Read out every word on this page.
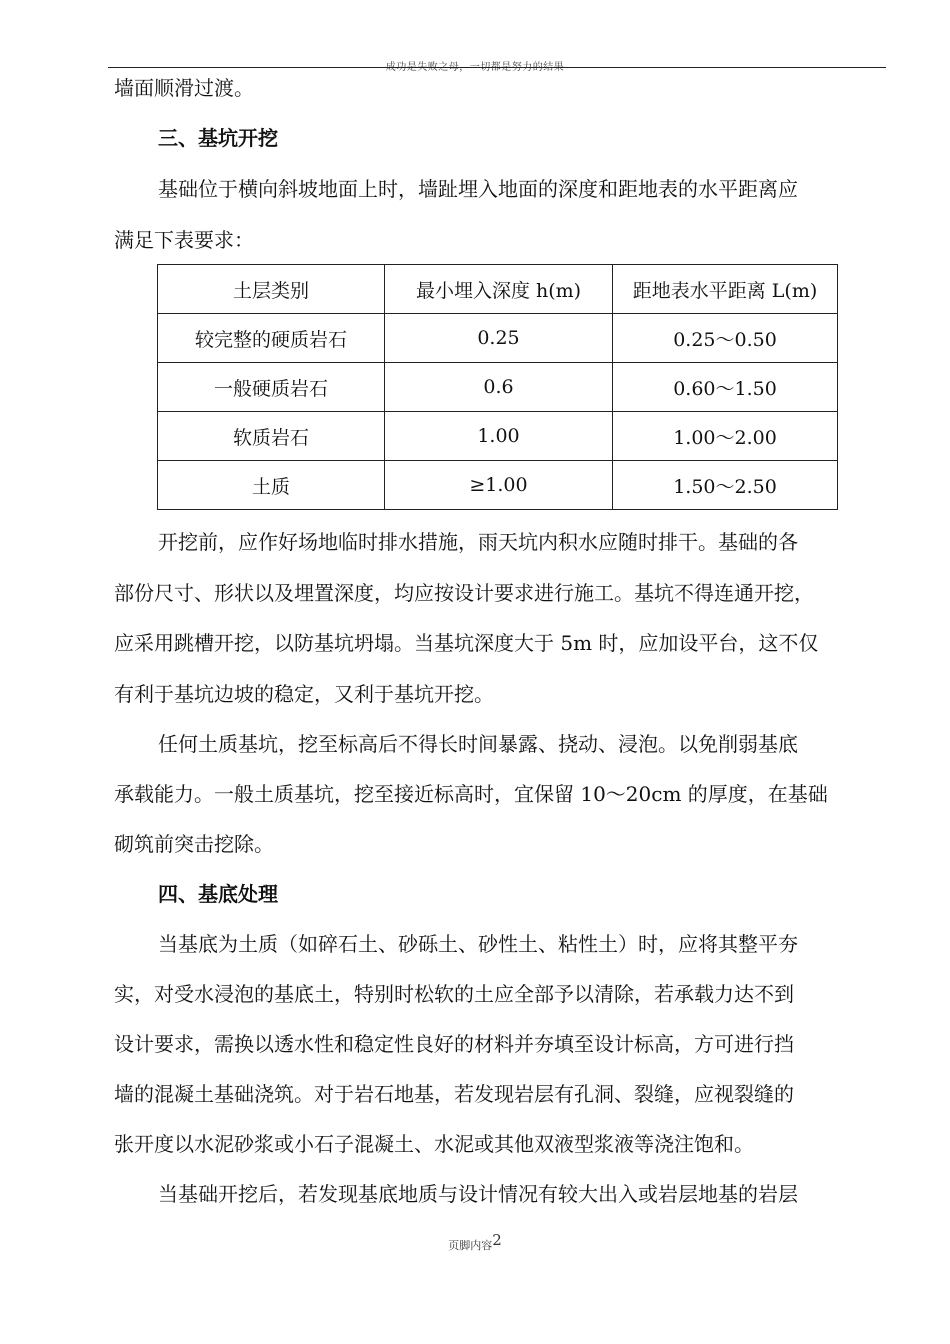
成功是失败之母，一切都是努力的结果
墙面顺滑过渡。
三、基坑开挖
基础位于横向斜坡地面上时，墙趾埋入地面的深度和距地表的水平距离应
满足下表要求：
土层类别	最小埋入深度 h(m)	距地表水平距离 L(m)
较完整的硬质岩石	0.25	0.25～0.50
一般硬质岩石	0.6	0.60～1.50
软质岩石	1.00	1.00～2.00
土质	≥1.00	1.50～2.50
开挖前，应作好场地临时排水措施，雨天坑内积水应随时排干。基础的各
部份尺寸、形状以及埋置深度，均应按设计要求进行施工。基坑不得连通开挖，
应采用跳槽开挖，以防基坑坍塌。当基坑深度大于 5m 时，应加设平台，这不仅
有利于基坑边坡的稳定，又利于基坑开挖。
任何土质基坑，挖至标高后不得长时间暴露、挠动、浸泡。以免削弱基底
承载能力。一般土质基坑，挖至接近标高时，宜保留 10～20cm 的厚度，在基础
砌筑前突击挖除。
四、基底处理
当基底为土质（如碎石土、砂砾土、砂性土、粘性土）时，应将其整平夯
实，对受水浸泡的基底土，特别时松软的土应全部予以清除，若承载力达不到
设计要求，需换以透水性和稳定性良好的材料并夯填至设计标高，方可进行挡
墙的混凝土基础浇筑。对于岩石地基，若发现岩层有孔洞、裂缝，应视裂缝的
张开度以水泥砂浆或小石子混凝土、水泥或其他双液型浆液等浇注饱和。
当基础开挖后，若发现基底地质与设计情况有较大出入或岩层地基的岩层
页脚内容2
